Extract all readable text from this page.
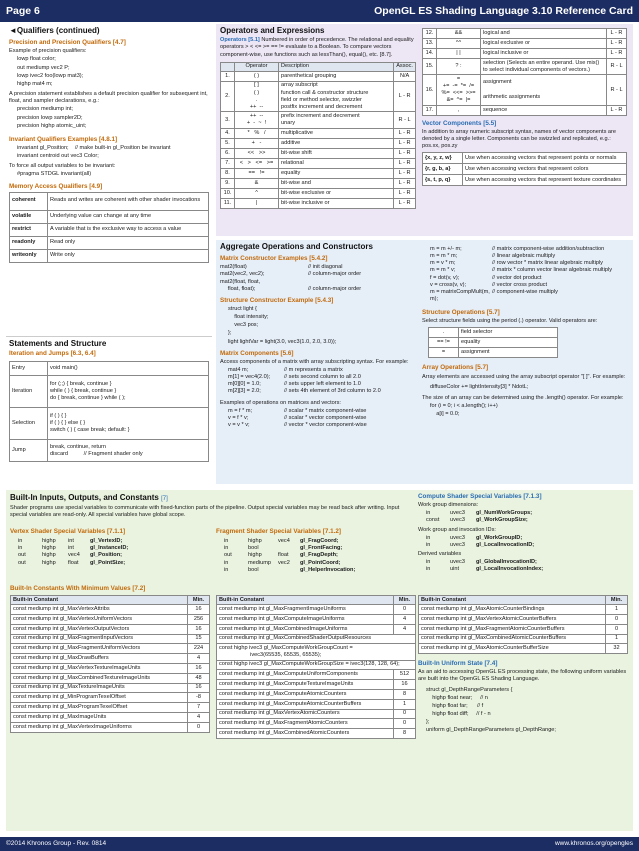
Page 6	OpenGL ES Shading Language 3.10 Reference Card
◄Qualifiers (continued)
Precision and Precision Qualifiers [4.7]

Example of precision qualifiers:

lowp float color;

out mediump vec2 P;

lowp ivec2 foo(lowp mat3);

highp mat4 m;

A precision statement establishes a default precision qualifier for subsequent int, float, and sampler declarations, e.g.:

precision mediump int;

precision lowp sampler2D;

precision highp atomic_uint;

Invariant Qualifiers Examples [4.8.1]

invariant gl_Position;    // make built-in gl_Position be invariant

invariant centroid out vec3 Color;

To force all output variables to be invariant:

#pragma STDGL invariant(all)

Memory Access Qualifiers [4.9]
coherent	Reads and writes are coherent with other shader invocations
volatile	Underlying value can change at any time
restrict	A variable that is the exclusive way to access a value
readonly	Read only
writeonly	Write only
Statements and Structure
Iteration and Jumps [6.3, 6.4]
Entry	void main()
Iteration	for (;;) { break, continue }
while ( ) { break, continue }
do { break, continue } while ( );
Selection	if ( ) { }
if ( ) { } else { }
switch ( ) { case break; default: }
Jump	break, continue, return
discard          // Fragment shader only
Operators and Expressions

Operators [5.1] Numbered in order of precedence. The relational and equality operators > < <= >= == != evaluate to a Boolean. To compare vectors component-wise, use functions such as lessThan(), equal(), etc. [8.7].

	Operator	Description	Assoc.
1.	( )	parenthetical grouping	N/A
2.	[ ]
( )
.
++  --	array subscript
function call & constructor structure
field or method selector, swizzler
postfix increment and decrement	L - R
3.	++  --
+  -  ~  !	prefix increment and decrement
unary	R - L
4.	*   %   /	multiplicative	L - R
5.	+   -	additive	L - R
6.	<<   >>	bit-wise shift	L - R
7.	<   >   <=   >=	relational	L - R
8.	==   !=	equality	L - R
9.	&	bit-wise and	L - R
10.	^	bit-wise exclusive or	L - R
11.	|	bit-wise inclusive or	L - R
12.	&&	logical and	L - R
13.	^^	logical exclusive or	L - R
14.	| |	logical inclusive or	L - R
15.	? :	selection (Selects an entire operand. Use mix() to select individual components of vectors.)	R - L
16.	=
+=  -=  *=  /=
%=  <<=  >>=
&=  ^=  |=	assignment

arithmetic assignments	R - L
17.	,	sequence	L - R
Vector Components [5.5]

In addition to array numeric subscript syntax, names of vector components are denoted by a single letter. Components can be swizzled and replicated, e.g.: pos.xx, pos.zy

{x, y, z, w}	Use when accessing vectors that represent points or normals
{r, g, b, a}	Use when accessing vectors that represent colors
{s, t, p, q}	Use when accessing vectors that represent texture coordinates
Aggregate Operations and Constructors
Matrix Constructor Examples [5.4.2]
mat2(float)	// init diagonal
mat2(vec2, vec2);	// column-major order
mat2(float, float,
float, float);	// column-major order
Structure Constructor Example [5.4.3]

struct light {

float intensity;

vec3 pos;

};

light lightVar = light(3.0, vec3(1.0, 2.0, 3.0));

Matrix Components [5.6]

Access components of a matrix with array subscripting syntax. For example:

mat4 m;	// m represents a matrix
m[1] = vec4(2.0);	// sets second column to all 2.0
m[0][0] = 1.0;	// sets upper left element to 1.0
m[2][3] = 2.0;	// sets 4th element of 3rd column to 2.0

Examples of operations on matrices and vectors:

m = f * m;	// scalar * matrix component-wise
v = f * v;	// scalar * vector component-wise
v = v * v;	// vector * vector component-wise
m = m +/- m;	// matrix component-wise addition/subtraction
m = m * m;	// linear algebraic multiply
m = v * m;	// row vector * matrix linear algebraic multiply
m = m * v;	// matrix * column vector linear algebraic multiply
f = dot(v, v);	// vector dot product
v = cross(v, v);	// vector cross product
m = matrixCompMult(m, m);
// component-wise multiply
Structure Operations [5.7]

Select structure fields using the period (.) operator. Valid operators are:

.	field selector
== !=	equality
=	assignment
Array Operations [5.7]

Array elements are accessed using the array subscript operator "[ ]". For example:

diffuseColor += lightIntensity[3] * NdotL;

The size of an array can be determined using the .length() operator. For example:

for (i = 0; i < a.length(); i++)

a[i] = 0.0;

Built-In Inputs, Outputs, and Constants [7]

Shader programs use special variables to communicate with fixed-function parts of the pipeline. Output special variables may be read back after writing. Input special variables are read-only. All special variables have global scope.

Vertex Shader Special Variables [7.1.1]
in	highp	int	gl_VertexID;
in	highp	int	gl_InstanceID;
out	highp	vec4	gl_Position;
out	highp	float	gl_PointSize;
Fragment Shader Special Variables [7.1.2]
in	highp	vec4	gl_FragCoord;
in	bool	gl_FrontFacing;
out	highp	float	gl_FragDepth;
in	mediump	vec2	gl_PointCoord;
in	bool	gl_HelperInvocation;
Compute Shader Special Variables [7.1.3]

Work group dimensions:

in	uvec3	gl_NumWorkGroups;
const	uvec3	gl_WorkGroupSize;

Work group and invocation IDs:

in	uvec3	gl_WorkGroupID;
in	uvec3	gl_LocalInvocationID;

Derived variables

in	uvec3	gl_GlobalInvocationID;
in	uint	gl_LocalInvocationIndex;
Built-In Constants With Minimum Values [7.2]
Built-in Constant	Min.
const mediump int gl_MaxVertexAttribs	16
const mediump int gl_MaxVertexUniformVectors	256
const mediump int gl_MaxVertexOutputVectors	16
const mediump int gl_MaxFragmentInputVectors	15
const mediump int gl_MaxFragmentUniformVectors	224
const mediump int gl_MaxDrawBuffers	4
const mediump int gl_MaxVertexTextureImageUnits	16
const mediump int gl_MaxCombinedTextureImageUnits	48
const mediump int gl_MaxTextureImageUnits	16
const mediump int gl_MinProgramTexelOffset	-8
const mediump int gl_MaxProgramTexelOffset	7
const mediump int gl_MaxImageUnits	4
const mediump int gl_MaxVertexImageUniforms	0
Built-in Constant	Min.
const mediump int gl_MaxFragmentImageUniforms	0
const mediump int gl_MaxComputeImageUniforms	4
const mediump int gl_MaxCombinedImageUniforms	4
const mediump int gl_MaxCombinedShaderOutputResources	
const highp ivec3 gl_MaxComputeWorkGroupCount =
ivec3(65535, 65535, 65535);	
const highp ivec3 gl_MaxComputeWorkGroupSize = ivec3(128, 128, 64);	
const mediump int gl_MaxComputeUniformComponents	512
const mediump int gl_MaxComputeTextureImageUnits	16
const mediump int gl_MaxComputeAtomicCounters	8
const mediump int gl_MaxComputeAtomicCounterBuffers	1
const mediump int gl_MaxVertexAtomicCounters	0
const mediump int gl_MaxFragmentAtomicCounters	0
const mediump int gl_MaxCombinedAtomicCounters	8
Built-in Constant	Min.
const mediump int gl_MaxAtomicCounterBindings	1
const mediump int gl_MaxVertexAtomicCounterBuffers	0
const mediump int gl_MaxFragmentAtomicCounterBuffers	0
const mediump int gl_MaxCombinedAtomicCounterBuffers	1
const mediump int gl_MaxAtomicCounterBufferSize	32
Built-In Uniform State [7.4]

As an aid to accessing OpenGL ES processing state, the following uniform variables are built into the OpenGL ES Shading Language.

struct gl_DepthRangeParameters {

highp float near;     // n

highp float far;      // f

highp float diff;     // f - n

};

uniform gl_DepthRangeParameters gl_DepthRange;

©2014 Khronos Group - Rev. 0814	www.khronos.org/opengles
